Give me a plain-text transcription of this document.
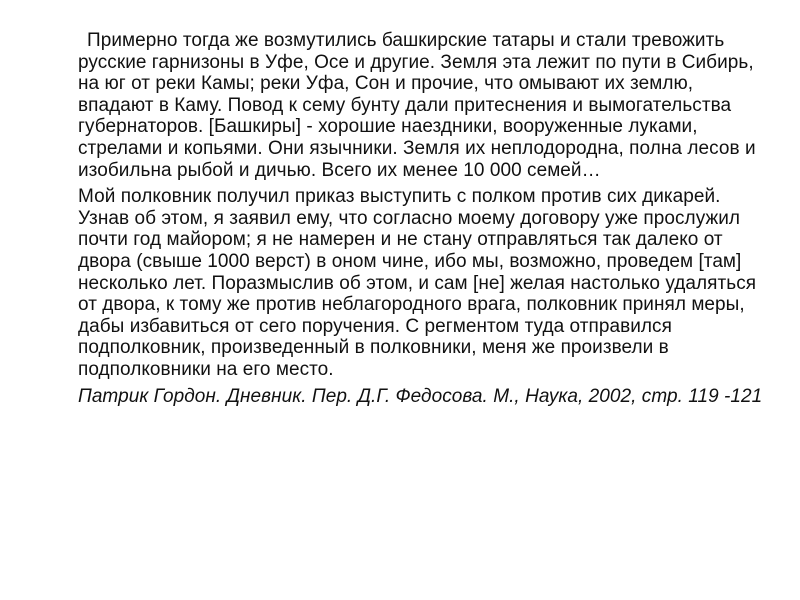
Примерно тогда же возмутились башкирские татары и стали тревожить русские гарнизоны в Уфе, Осе и другие. Земля эта лежит по пути в Сибирь, на юг от реки Камы; реки Уфа, Сон и прочие, что омывают их землю, впадают в Каму. Повод к сему бунту дали притеснения и вымогательства губернаторов. [Башкиры] - хорошие наездники, вооруженные луками, стрелами и копьями. Они язычники. Земля их неплодородна, полна лесов и изобильна рыбой и дичью. Всего их менее 10 000 семей…

Мой полковник получил приказ выступить с полком против сих дикарей. Узнав об этом, я заявил ему, что согласно моему договору уже прослужил почти год майором; я не намерен и не стану отправляться так далеко от двора (свыше 1000 верст) в оном чине, ибо мы, возможно, проведем [там] несколько лет. Поразмыслив об этом, и сам [не] желая настолько удаляться от двора, к тому же против неблагородного врага, полковник принял меры, дабы избавиться от сего поручения. С регментом туда отправился подполковник, произведенный в полковники, меня же произвели в подполковники на его место.

Патрик Гордон. Дневник. Пер. Д.Г. Федосова. М., Наука, 2002, стр. 119 -121
